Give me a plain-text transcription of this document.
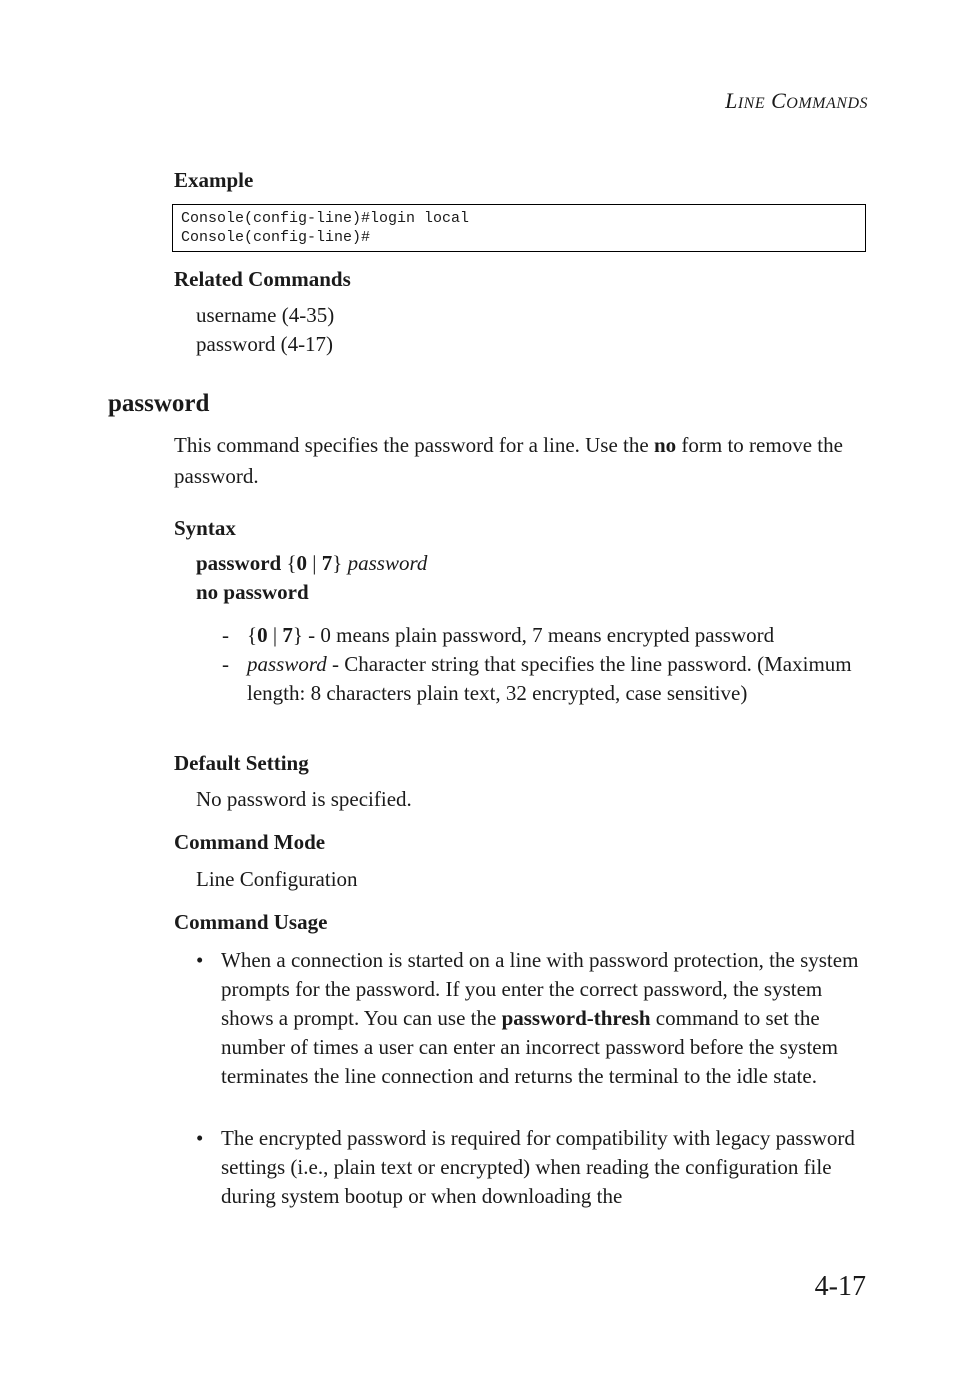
LINE COMMANDS
Example
Console(config-line)#login local
Console(config-line)#
Related Commands
username (4-35)
password (4-17)
password
This command specifies the password for a line. Use the no form to remove the password.
Syntax
password {0 | 7} password
no password
- {0 | 7} - 0 means plain password, 7 means encrypted password
- password - Character string that specifies the line password. (Maximum length: 8 characters plain text, 32 encrypted, case sensitive)
Default Setting
No password is specified.
Command Mode
Line Configuration
Command Usage
• When a connection is started on a line with password protection, the system prompts for the password. If you enter the correct password, the system shows a prompt. You can use the password-thresh command to set the number of times a user can enter an incorrect password before the system terminates the line connection and returns the terminal to the idle state.
• The encrypted password is required for compatibility with legacy password settings (i.e., plain text or encrypted) when reading the configuration file during system bootup or when downloading the
4-17
